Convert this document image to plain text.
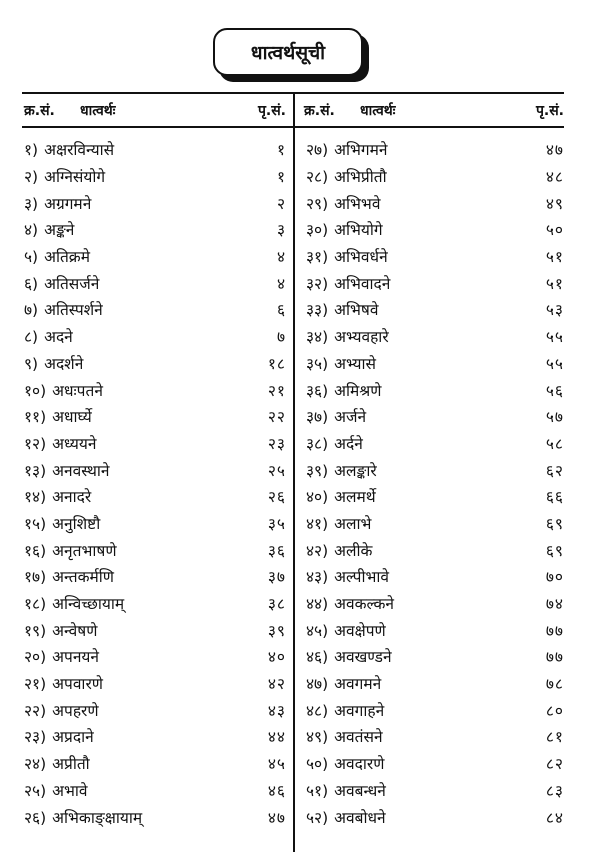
धात्वर्थसूची
क्र.सं.	धात्वर्थः	पृ.सं. क्र.सं.	धात्वर्थः	पृ.सं.
१) अक्षरविन्यासे	१
२) अग्निसंयोगे	१
३) अग्रगमने	२
४) अङ्कने	३
५) अतिक्रमे	४
६) अतिसर्जने	४
७) अतिस्पर्शने	६
८) अदने	७
९) अदर्शने	१८
१०) अधःपतने	२१
११) अधार्घ्ये	२२
१२) अध्ययने	२३
१३) अनवस्थाने	२५
१४) अनादरे	२६
१५) अनुशिष्टौ	३५
१६) अनृतभाषणे	३६
१७) अन्तकर्मणि	३७
१८) अन्विच्छायाम्	३८
१९) अन्वेषणे	३९
२०) अपनयने	४०
२१) अपवारणे	४२
२२) अपहरणे	४३
२३) अप्रदाने	४४
२४) अप्रीतौ	४५
२५) अभावे	४६
२६) अभिकाङ्क्षायाम्	४७
२७) अभिगमने	४७
२८) अभिप्रीतौ	४८
२९) अभिभवे	४९
३०) अभियोगे	५०
३१) अभिवर्धने	५१
३२) अभिवादने	५१
३३) अभिषवे	५३
३४) अभ्यवहारे	५५
३५) अभ्यासे	५५
३६) अमिश्रणे	५६
३७) अर्जने	५७
३८) अर्दने	५८
३९) अलङ्कारे	६२
४०) अलमर्थे	६६
४१) अलाभे	६९
४२) अलीके	६९
४३) अल्पीभावे	७०
४४) अवकल्कने	७४
४५) अवक्षेपणे	७७
४६) अवखण्डने	७७
४७) अवगमने	७८
४८) अवगाहने	८०
४९) अवतंसने	८१
५०) अवदारणे	८२
५१) अवबन्धने	८३
५२) अवबोधने	८४
